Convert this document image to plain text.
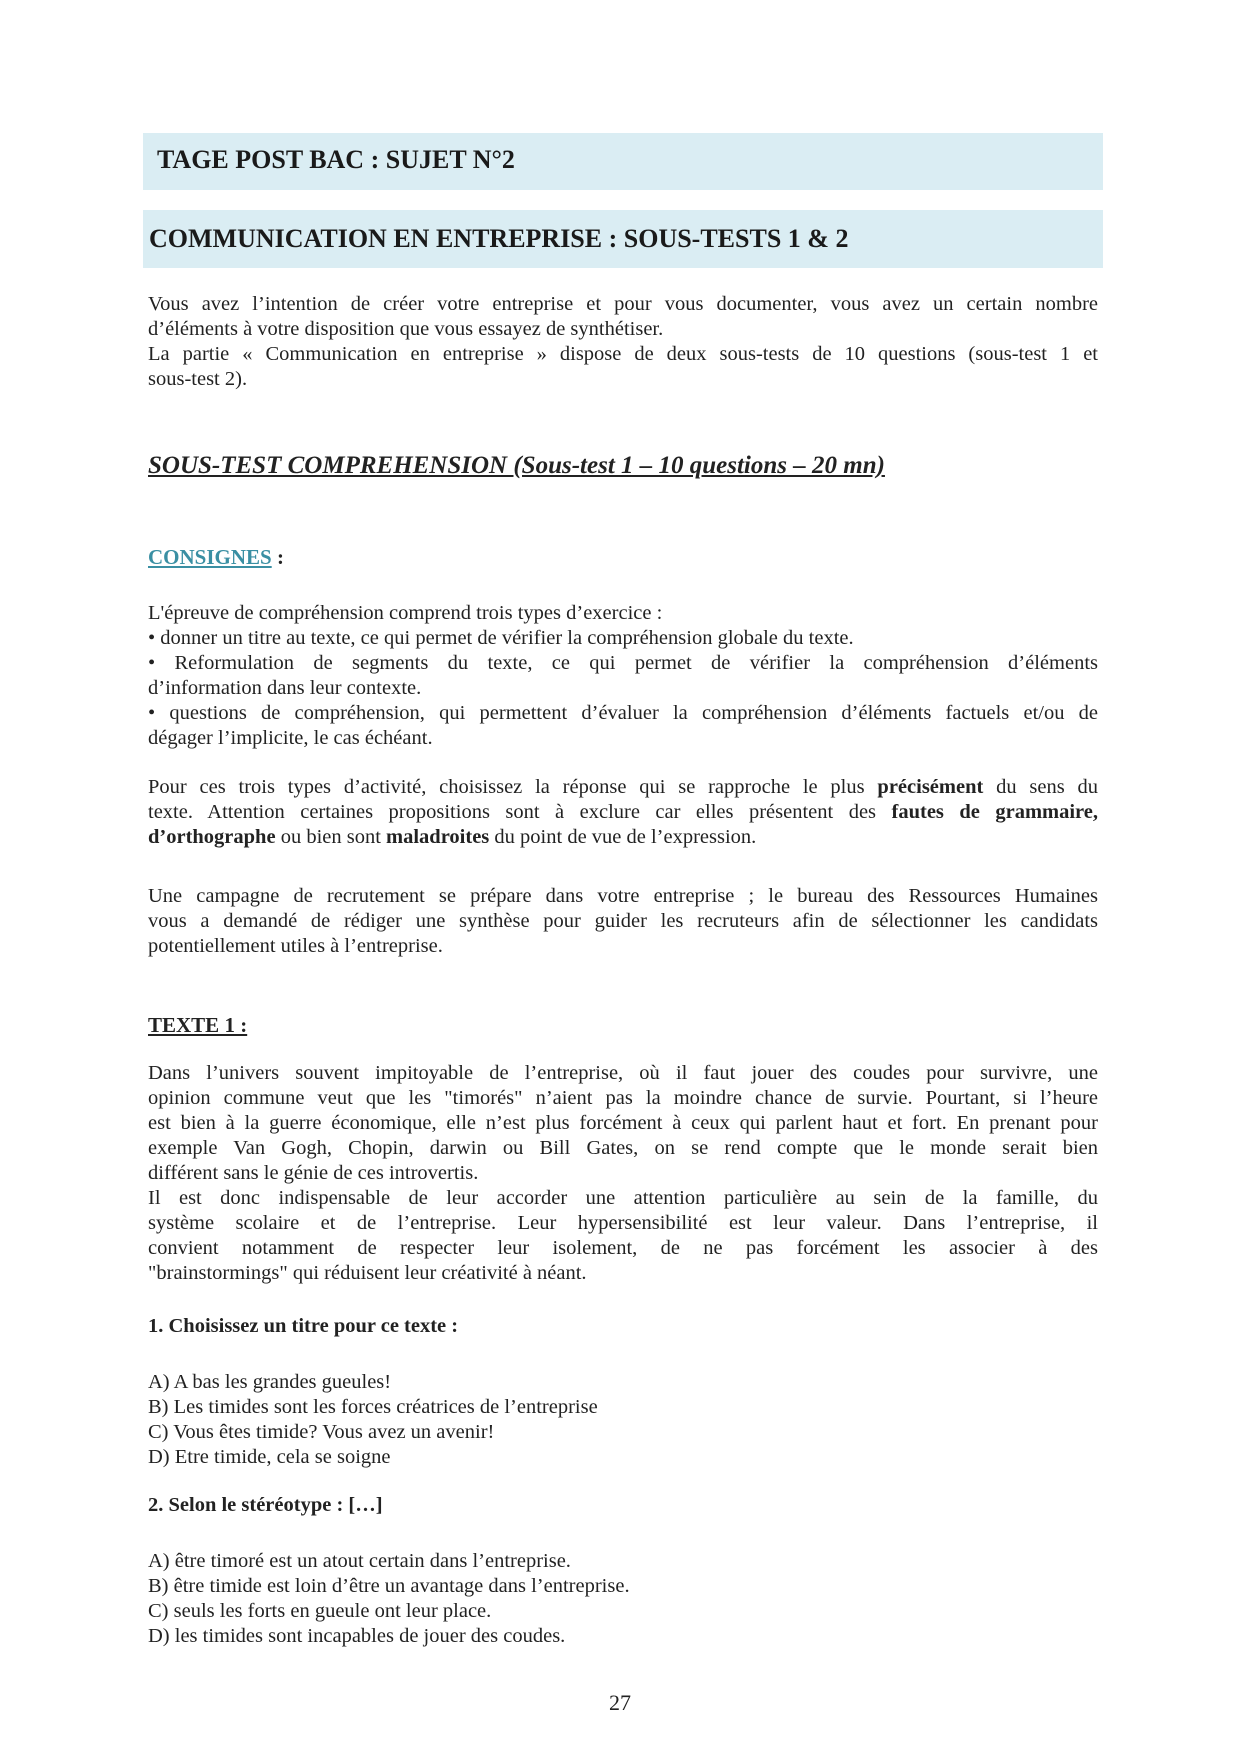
TAGE POST BAC : SUJET N°2
COMMUNICATION EN ENTREPRISE : SOUS-TESTS 1 & 2
Vous avez l’intention de créer votre entreprise et pour vous documenter, vous avez un certain nombre
d’éléments à votre disposition que vous essayez de synthétiser.
La partie « Communication en entreprise » dispose de deux sous-tests de 10 questions (sous-test 1 et
sous-test 2).
SOUS-TEST COMPREHENSION (Sous-test 1 – 10 questions – 20 mn)
CONSIGNES :
L'épreuve de compréhension comprend trois types d’exercice :
• donner un titre au texte, ce qui permet de vérifier la compréhension globale du texte.
• Reformulation de segments du texte, ce qui permet de vérifier la compréhension d’éléments
d’information dans leur contexte.
• questions de compréhension, qui permettent d’évaluer la compréhension d’éléments factuels et/ou de
dégager l’implicite, le cas échéant.
Pour ces trois types d’activité, choisissez la réponse qui se rapproche le plus précisément du sens du
texte. Attention certaines propositions sont à exclure car elles présentent des fautes de grammaire,
d’orthographe ou bien sont maladroites du point de vue de l’expression.
Une campagne de recrutement se prépare dans votre entreprise ; le bureau des Ressources Humaines
vous a demandé de rédiger une synthèse pour guider les recruteurs afin de sélectionner les candidats
potentiellement utiles à l’entreprise.
TEXTE 1 :
Dans l’univers souvent impitoyable de l’entreprise, où il faut jouer des coudes pour survivre, une
opinion commune veut que les "timorés" n’aient pas la moindre chance de survie. Pourtant, si l’heure
est bien à la guerre économique, elle n’est plus forcément à ceux qui parlent haut et fort. En prenant pour
exemple Van Gogh, Chopin, darwin ou Bill Gates, on se rend compte que le monde serait bien
différent sans le génie de ces introvertis.
Il est donc indispensable de leur accorder une attention particulière au sein de la famille, du
système scolaire et de l’entreprise. Leur hypersensibilité est leur valeur. Dans l’entreprise, il
convient notamment de respecter leur isolement, de ne pas forcément les associer à des
"brainstormings" qui réduisent leur créativité à néant.
1. Choisissez un titre pour ce texte :
A) A bas les grandes gueules!
B) Les timides sont les forces créatrices de l’entreprise
C) Vous êtes timide? Vous avez un avenir!
D) Etre timide, cela se soigne
2. Selon le stéréotype : […]
A) être timoré est un atout certain dans l’entreprise.
B) être timide est loin d’être un avantage dans l’entreprise.
C) seuls les forts en gueule ont leur place.
D) les timides sont incapables de jouer des coudes.
27
